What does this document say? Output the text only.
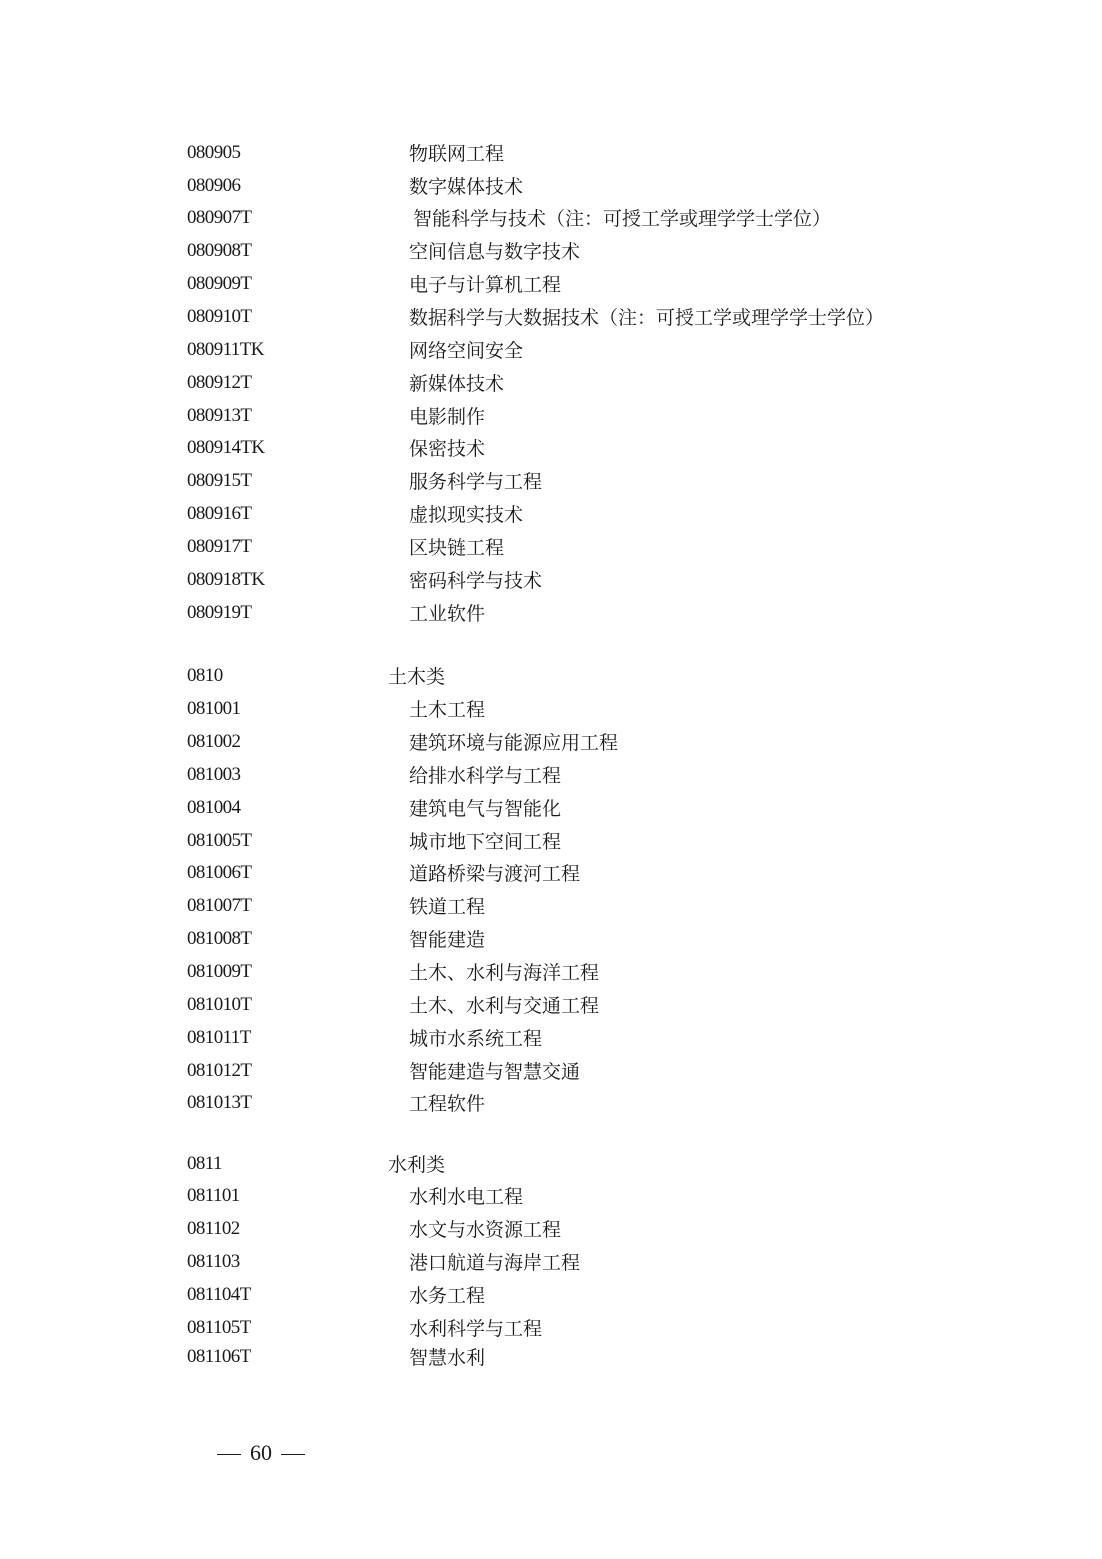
080905	物联网工程
080906	数字媒体技术
080907T	智能科学与技术（注：可授工学或理学学士学位）
080908T	空间信息与数字技术
080909T	电子与计算机工程
080910T	数据科学与大数据技术（注：可授工学或理学学士学位）
080911TK	网络空间安全
080912T	新媒体技术
080913T	电影制作
080914TK	保密技术
080915T	服务科学与工程
080916T	虚拟现实技术
080917T	区块链工程
080918TK	密码科学与技术
080919T	工业软件
0810	土木类
081001	土木工程
081002	建筑环境与能源应用工程
081003	给排水科学与工程
081004	建筑电气与智能化
081005T	城市地下空间工程
081006T	道路桥梁与渡河工程
081007T	铁道工程
081008T	智能建造
081009T	土木、水利与海洋工程
081010T	土木、水利与交通工程
081011T	城市水系统工程
081012T	智能建造与智慧交通
081013T	工程软件
0811	水利类
081101	水利水电工程
081102	水文与水资源工程
081103	港口航道与海岸工程
081104T	水务工程
081105T	水利科学与工程
081106T	智慧水利
60
